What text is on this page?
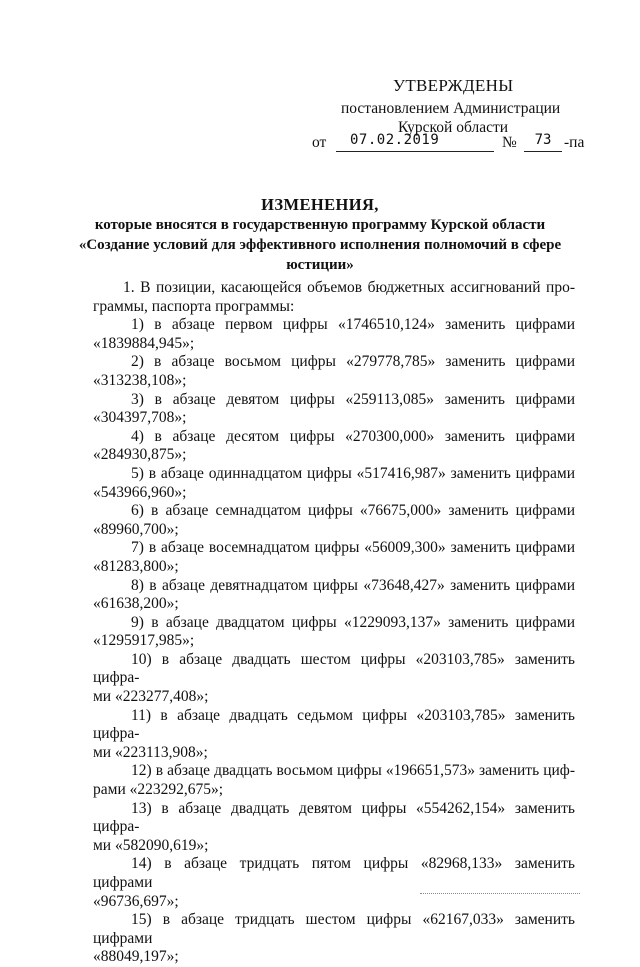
УТВЕРЖДЕНЫ
постановлением Администрации
Курской области
от	07.02.2019	№	73 -па
ИЗМЕНЕНИЯ,
которые вносятся в государственную программу Курской области
«Создание условий для эффективного исполнения полномочий в сфере
юстиции»
1. В позиции, касающейся объемов бюджетных ассигнований про-
граммы, паспорта программы:
1) в абзаце первом цифры «1746510,124» заменить цифрами
«1839884,945»;
2) в абзаце восьмом цифры «279778,785» заменить цифрами
«313238,108»;
3) в абзаце девятом цифры «259113,085» заменить цифрами
«304397,708»;
4) в абзаце десятом цифры «270300,000» заменить цифрами
«284930,875»;
5) в абзаце одиннадцатом цифры «517416,987» заменить цифрами
«543966,960»;
6) в абзаце семнадцатом цифры «76675,000» заменить цифрами
«89960,700»;
7) в абзаце восемнадцатом цифры «56009,300» заменить цифрами
«81283,800»;
8) в абзаце девятнадцатом цифры «73648,427» заменить цифрами
«61638,200»;
9) в абзаце двадцатом цифры «1229093,137» заменить цифрами
«1295917,985»;
10) в абзаце двадцать шестом цифры «203103,785» заменить цифра-
ми «223277,408»;
11) в абзаце двадцать седьмом цифры «203103,785» заменить цифра-
ми «223113,908»;
12) в абзаце двадцать восьмом цифры «196651,573» заменить циф-
рами «223292,675»;
13) в абзаце двадцать девятом цифры «554262,154» заменить цифра-
ми «582090,619»;
14) в абзаце тридцать пятом цифры «82968,133» заменить цифрами
«96736,697»;
15) в абзаце тридцать шестом цифры «62167,033» заменить цифрами
«88049,197»;
